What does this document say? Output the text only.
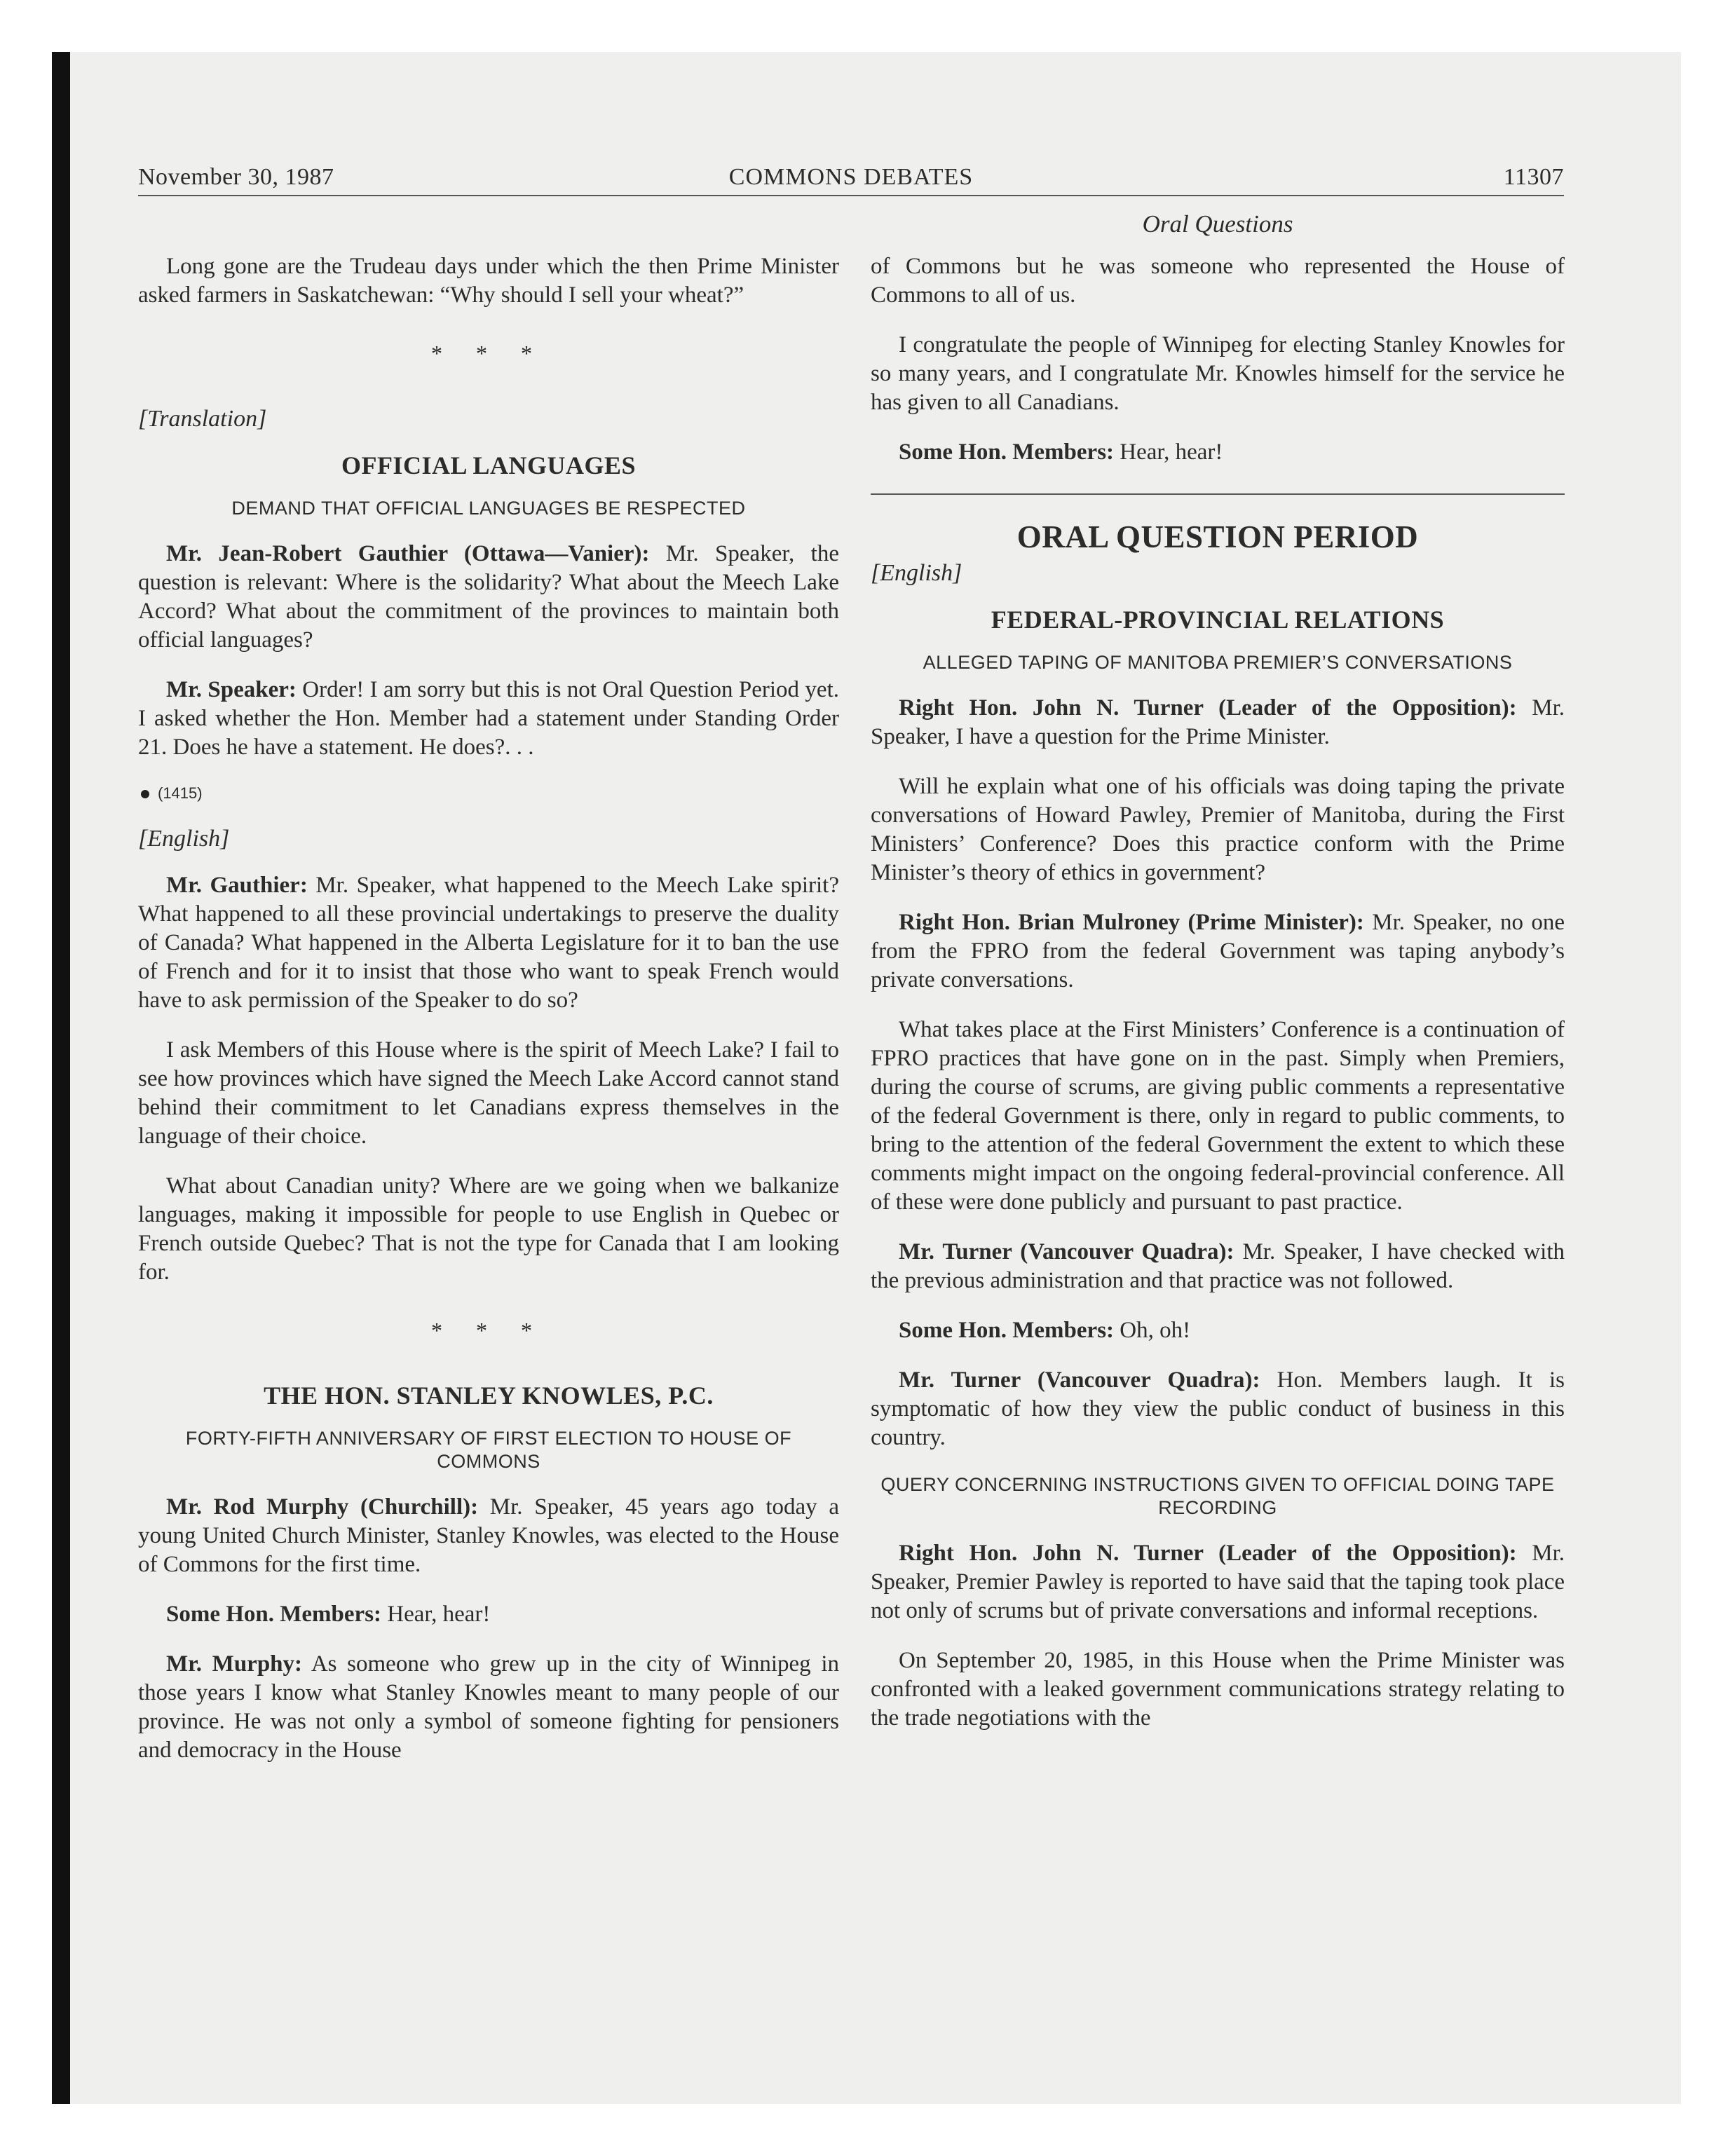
November 30, 1987	COMMONS DEBATES	11307
Oral Questions

Long gone are the Trudeau days under which the then Prime Minister asked farmers in Saskatchewan: “Why should I sell your wheat?”

* * *
[Translation]
OFFICIAL LANGUAGES
DEMAND THAT OFFICIAL LANGUAGES BE RESPECTED

Mr. Jean-Robert Gauthier (Ottawa—Vanier): Mr. Speaker, the question is relevant: Where is the solidarity? What about the Meech Lake Accord? What about the commitment of the provinces to maintain both official languages?

Mr. Speaker: Order! I am sorry but this is not Oral Question Period yet. I asked whether the Hon. Member had a statement under Standing Order 21. Does he have a statement. He does?. . .

(1415)
[English]

Mr. Gauthier: Mr. Speaker, what happened to the Meech Lake spirit? What happened to all these provincial undertakings to preserve the duality of Canada? What happened in the Alberta Legislature for it to ban the use of French and for it to insist that those who want to speak French would have to ask permission of the Speaker to do so?

I ask Members of this House where is the spirit of Meech Lake? I fail to see how provinces which have signed the Meech Lake Accord cannot stand behind their commitment to let Canadians express themselves in the language of their choice.

What about Canadian unity? Where are we going when we balkanize languages, making it impossible for people to use English in Quebec or French outside Quebec? That is not the type for Canada that I am looking for.

* * *
THE HON. STANLEY KNOWLES, P.C.
FORTY-FIFTH ANNIVERSARY OF FIRST ELECTION TO HOUSE OF COMMONS

Mr. Rod Murphy (Churchill): Mr. Speaker, 45 years ago today a young United Church Minister, Stanley Knowles, was elected to the House of Commons for the first time.

Some Hon. Members: Hear, hear!

Mr. Murphy: As someone who grew up in the city of Winnipeg in those years I know what Stanley Knowles meant to many people of our province. He was not only a symbol of someone fighting for pensioners and democracy in the House

of Commons but he was someone who represented the House of Commons to all of us.

I congratulate the people of Winnipeg for electing Stanley Knowles for so many years, and I congratulate Mr. Knowles himself for the service he has given to all Canadians.

Some Hon. Members: Hear, hear!

ORAL QUESTION PERIOD
[English]
FEDERAL-PROVINCIAL RELATIONS
ALLEGED TAPING OF MANITOBA PREMIER’S CONVERSATIONS

Right Hon. John N. Turner (Leader of the Opposition): Mr. Speaker, I have a question for the Prime Minister.

Will he explain what one of his officials was doing taping the private conversations of Howard Pawley, Premier of Manitoba, during the First Ministers’ Conference? Does this practice conform with the Prime Minister’s theory of ethics in government?

Right Hon. Brian Mulroney (Prime Minister): Mr. Speaker, no one from the FPRO from the federal Government was taping anybody’s private conversations.

What takes place at the First Ministers’ Conference is a continuation of FPRO practices that have gone on in the past. Simply when Premiers, during the course of scrums, are giving public comments a representative of the federal Government is there, only in regard to public comments, to bring to the attention of the federal Government the extent to which these comments might impact on the ongoing federal-provincial conference. All of these were done publicly and pursuant to past practice.

Mr. Turner (Vancouver Quadra): Mr. Speaker, I have checked with the previous administration and that practice was not followed.

Some Hon. Members: Oh, oh!

Mr. Turner (Vancouver Quadra): Hon. Members laugh. It is symptomatic of how they view the public conduct of business in this country.

QUERY CONCERNING INSTRUCTIONS GIVEN TO OFFICIAL DOING TAPE RECORDING

Right Hon. John N. Turner (Leader of the Opposition): Mr. Speaker, Premier Pawley is reported to have said that the taping took place not only of scrums but of private conversations and informal receptions.

On September 20, 1985, in this House when the Prime Minister was confronted with a leaked government communications strategy relating to the trade negotiations with the
